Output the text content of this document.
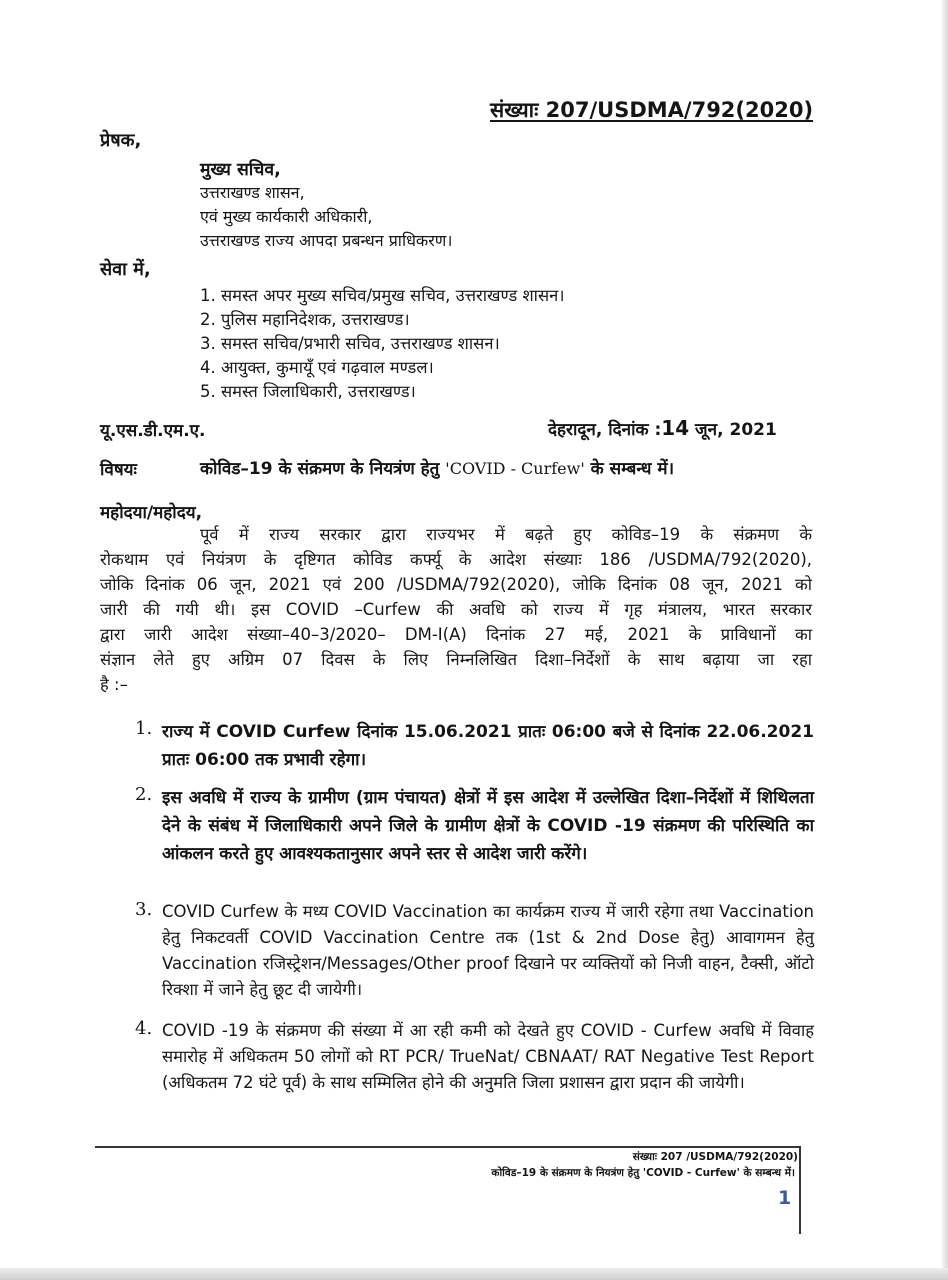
संख्याः 207/USDMA/792(2020)
प्रेषक,
मुख्य सचिव,
उत्तराखण्ड शासन,
एवं मुख्य कार्यकारी अधिकारी,
उत्तराखण्ड राज्य आपदा प्रबन्धन प्राधिकरण।
सेवा में,
1. समस्त अपर मुख्य सचिव/प्रमुख सचिव, उत्तराखण्ड शासन।
2. पुलिस महानिदेशक, उत्तराखण्ड।
3. समस्त सचिव/प्रभारी सचिव, उत्तराखण्ड शासन।
4. आयुक्त, कुमायूँ एवं गढ़वाल मण्डल।
5. समस्त जिलाधिकारी, उत्तराखण्ड।
यू.एस.डी.एम.ए.	देहरादून, दिनांक :14 जून, 2021
विषयः	कोविड–19 के संक्रमण के नियत्रंण हेतु 'COVID - Curfew' के सम्बन्ध में।
महोदया/महोदय,
पूर्व में राज्य सरकार द्वारा राज्यभर में बढ़ते हुए कोविड–19 के संक्रमण के
रोकथाम एवं नियंत्रण के दृष्टिगत कोविड कर्फ्यू के आदेश संख्याः 186 /USDMA/792(2020),
जोकि दिनांक 06 जून, 2021 एवं 200 /USDMA/792(2020), जोकि दिनांक 08 जून, 2021 को
जारी की गयी थी। इस COVID –Curfew की अवधि को राज्य में गृह मंत्रालय, भारत सरकार
द्वारा जारी आदेश संख्या–40–3/2020– DM-I(A) दिनांक 27 मई, 2021 के प्राविधानों का
संज्ञान लेते हुए अग्रिम 07 दिवस के लिए निम्नलिखित दिशा–निर्देशों के साथ बढ़ाया जा रहा
है :–
1. राज्य में COVID Curfew दिनांक 15.06.2021 प्रातः 06:00 बजे से दिनांक 22.06.2021 प्रातः 06:00 तक प्रभावी रहेगा।
2. इस अवधि में राज्य के ग्रामीण (ग्राम पंचायत) क्षेत्रों में इस आदेश में उल्लेखित दिशा–निर्देशों में शिथिलता देने के संबंध में जिलाधिकारी अपने जिले के ग्रामीण क्षेत्रों के COVID -19 संक्रमण की परिस्थिति का आंकलन करते हुए आवश्यकतानुसार अपने स्तर से आदेश जारी करेंगे।
3. COVID Curfew के मध्य COVID Vaccination का कार्यक्रम राज्य में जारी रहेगा तथा Vaccination हेतु निकटवर्ती COVID Vaccination Centre तक (1st & 2nd Dose हेतु) आवागमन हेतु Vaccination रजिस्ट्रेशन/Messages/Other proof दिखाने पर व्यक्तियों को निजी वाहन, टैक्सी, ऑटो रिक्शा में जाने हेतु छूट दी जायेगी।
4. COVID -19 के संक्रमण की संख्या में आ रही कमी को देखते हुए COVID - Curfew अवधि में विवाह समारोह में अधिकतम 50 लोगों को RT PCR/ TrueNat/ CBNAAT/ RAT Negative Test Report (अधिकतम 72 घंटे पूर्व) के साथ सम्मिलित होने की अनुमति जिला प्रशासन द्वारा प्रदान की जायेगी।
संख्याः 207 /USDMA/792(2020)
कोविड–19 के संक्रमण के नियत्रंण हेतु 'COVID - Curfew' के सम्बन्ध में।
1
